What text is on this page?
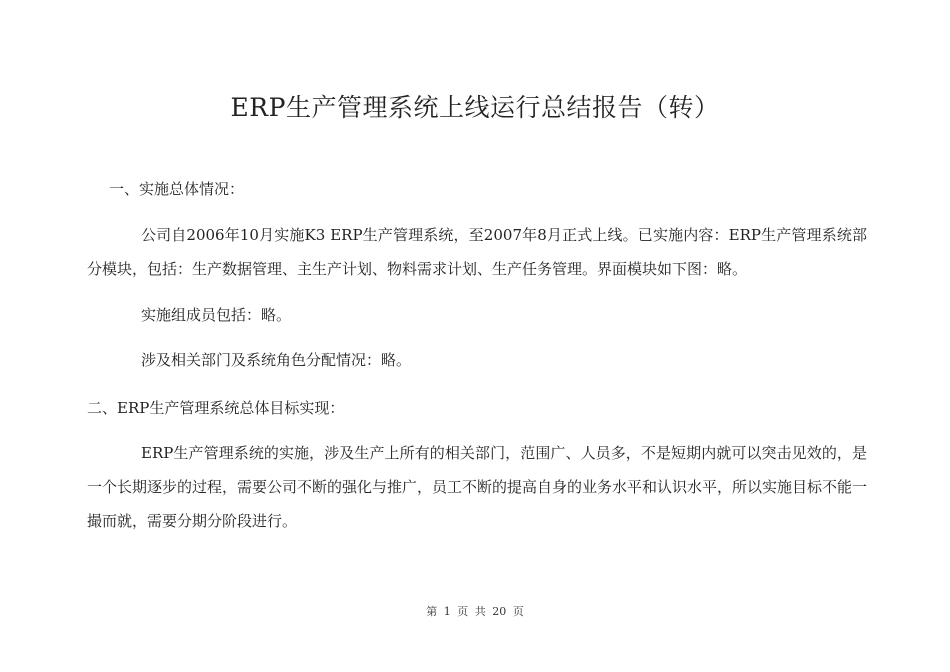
ERP生产管理系统上线运行总结报告（转）
一、实施总体情况：
公司自2006年10月实施K3 ERP生产管理系统，至2007年8月正式上线。已实施内容：ERP生产管理系统部分模块，包括：生产数据管理、主生产计划、物料需求计划、生产任务管理。界面模块如下图：略。
实施组成员包括：略。
涉及相关部门及系统角色分配情况：略。
二、ERP生产管理系统总体目标实现：
ERP生产管理系统的实施，涉及生产上所有的相关部门，范围广、人员多，不是短期内就可以突击见效的，是一个长期逐步的过程，需要公司不断的强化与推广，员工不断的提高自身的业务水平和认识水平，所以实施目标不能一撮而就，需要分期分阶段进行。
第 1 页 共 20 页
